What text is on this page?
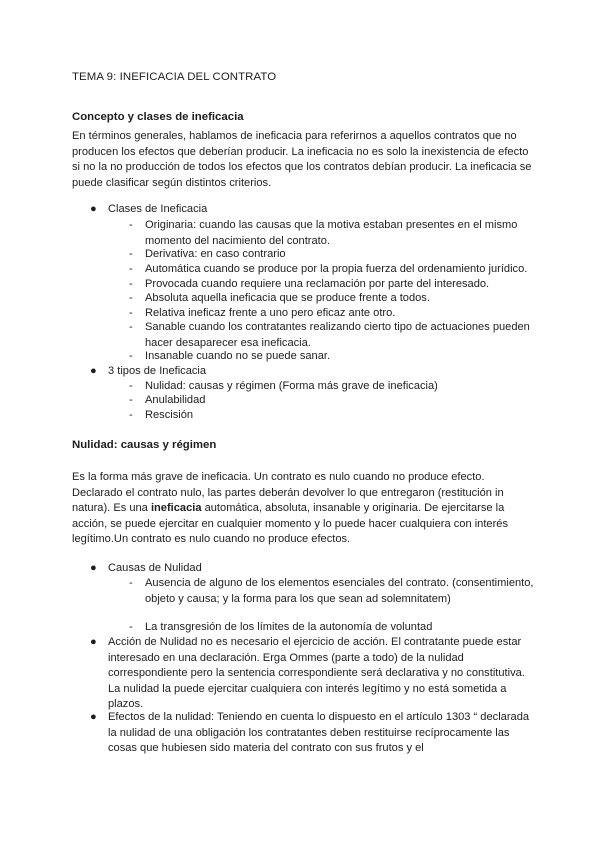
TEMA 9: INEFICACIA DEL CONTRATO
Concepto y clases de ineficacia

En términos generales, hablamos de ineficacia para referirnos a aquellos contratos que no producen los efectos que deberían producir. La ineficacia no es solo la inexistencia de efecto si no la no producción de todos los efectos que los contratos debían producir. La ineficacia se puede clasificar según distintos criterios.

● Clases de Ineficacia
- Originaria: cuando las causas que la motiva estaban presentes en el mismo momento del nacimiento del contrato.
- Derivativa: en caso contrario
- Automática cuando se produce por la propia fuerza del ordenamiento jurídico.
- Provocada cuando requiere una reclamación por parte del interesado.
- Absoluta aquella ineficacia que se produce frente a todos.
- Relativa ineficaz frente a uno pero eficaz ante otro.
- Sanable cuando los contratantes realizando cierto tipo de actuaciones pueden hacer desaparecer esa ineficacia.
- Insanable cuando no se puede sanar.
● 3 tipos de Ineficacia
- Nulidad: causas y régimen (Forma más grave de ineficacia)
- Anulabilidad
- Rescisión
Nulidad: causas y régimen

Es la forma más grave de ineficacia. Un contrato es nulo cuando no produce efecto. Declarado el contrato nulo, las partes deberán devolver lo que entregaron (restitución in natura). Es una ineficacia automática, absoluta, insanable y originaria. De ejercitarse la acción, se puede ejercitar en cualquier momento y lo puede hacer cualquiera con interés legítimo.Un contrato es nulo cuando no produce efectos.

● Causas de Nulidad
- Ausencia de alguno de los elementos esenciales del contrato. (consentimiento, objeto y causa; y la forma para los que sean ad solemnitatem)
- La transgresión de los límites de la autonomía de voluntad
● Acción de Nulidad no es necesario el ejercicio de acción. El contratante puede estar interesado en una declaración. Erga Ommes (parte a todo) de la nulidad correspondiente pero la sentencia correspondiente será declarativa y no constitutiva. La nulidad la puede ejercitar cualquiera con interés legítimo y no está sometida a plazos.
● Efectos de la nulidad: Teniendo en cuenta lo dispuesto en el artículo 1303 “ declarada la nulidad de una obligación los contratantes deben restituirse recíprocamente las cosas que hubiesen sido materia del contrato con sus frutos y el
